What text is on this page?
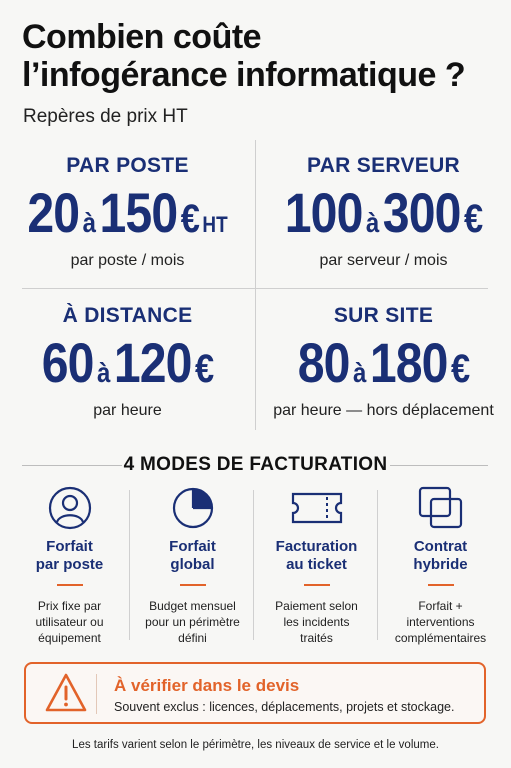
Combien coûte
l’infogérance informatique ?
Repères de prix HT
PAR POSTE
20 à 150 € HT
par poste / mois
PAR SERVEUR
100 à 300 €
par serveur / mois
À DISTANCE
60 à 120 €
par heure
SUR SITE
80 à 180 €
par heure — hors déplacement
4 MODES DE FACTURATION
Forfait
par poste
Prix fixe par
utilisateur ou
équipement
Forfait
global
Budget mensuel
pour un périmètre
défini
Facturation
au ticket
Paiement selon
les incidents
traités
Contrat
hybride
Forfait +
interventions
complémentaires
À vérifier dans le devis
Souvent exclus : licences, déplacements, projets et stockage.
Les tarifs varient selon le périmètre, les niveaux de service et le volume.
